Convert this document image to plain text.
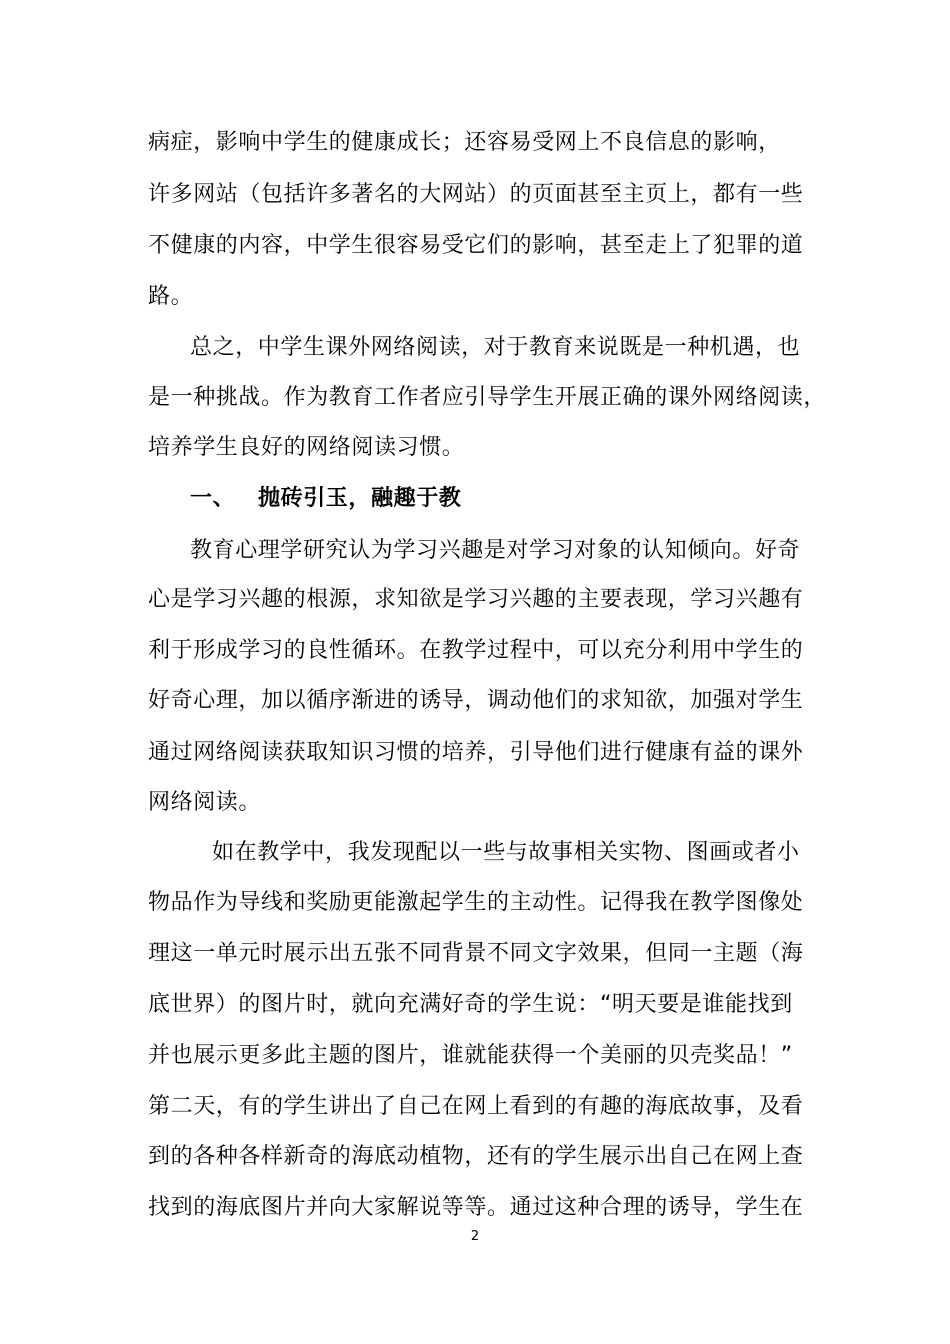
病症，影响中学生的健康成长；还容易受网上不良信息的影响，
许多网站（包括许多著名的大网站）的页面甚至主页上，都有一些
不健康的内容，中学生很容易受它们的影响，甚至走上了犯罪的道
路。
总之，中学生课外网络阅读，对于教育来说既是一种机遇，也
是一种挑战。作为教育工作者应引导学生开展正确的课外网络阅读，
培养学生良好的网络阅读习惯。
一、 抛砖引玉，融趣于教
教育心理学研究认为学习兴趣是对学习对象的认知倾向。好奇
心是学习兴趣的根源，求知欲是学习兴趣的主要表现，学习兴趣有
利于形成学习的良性循环。在教学过程中，可以充分利用中学生的
好奇心理，加以循序渐进的诱导，调动他们的求知欲，加强对学生
通过网络阅读获取知识习惯的培养，引导他们进行健康有益的课外
网络阅读。
如在教学中，我发现配以一些与故事相关实物、图画或者小
物品作为导线和奖励更能激起学生的主动性。记得我在教学图像处
理这一单元时展示出五张不同背景不同文字效果，但同一主题（海
底世界）的图片时，就向充满好奇的学生说：“明天要是谁能找到
并也展示更多此主题的图片，谁就能获得一个美丽的贝壳奖品！”
第二天，有的学生讲出了自己在网上看到的有趣的海底故事，及看
到的各种各样新奇的海底动植物，还有的学生展示出自己在网上查
找到的海底图片并向大家解说等等。通过这种合理的诱导，学生在
2
